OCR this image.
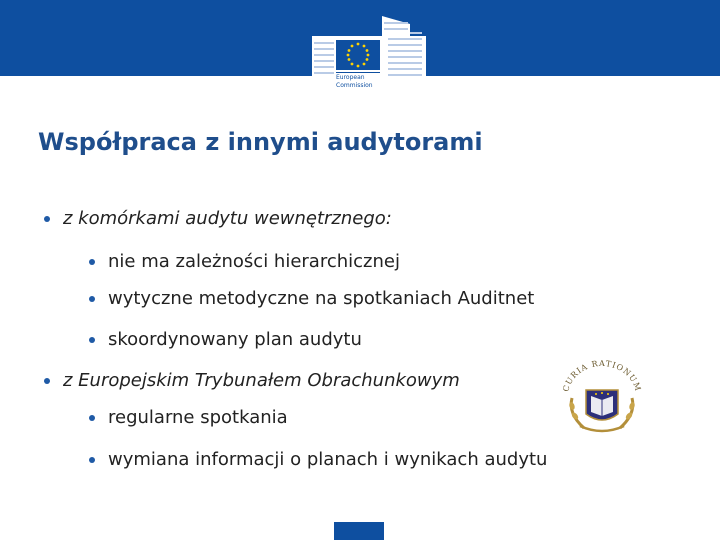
European
Commission
Współpraca z innymi audytorami
z komórkami audytu wewnętrznego:
nie ma zależności hierarchicznej
wytyczne metodyczne na spotkaniach Auditnet
skoordynowany plan audytu
z Europejskim Trybunałem Obrachunkowym
regularne spotkania
wymiana informacji o planach i wynikach audytu
CURIA RATIONUM
